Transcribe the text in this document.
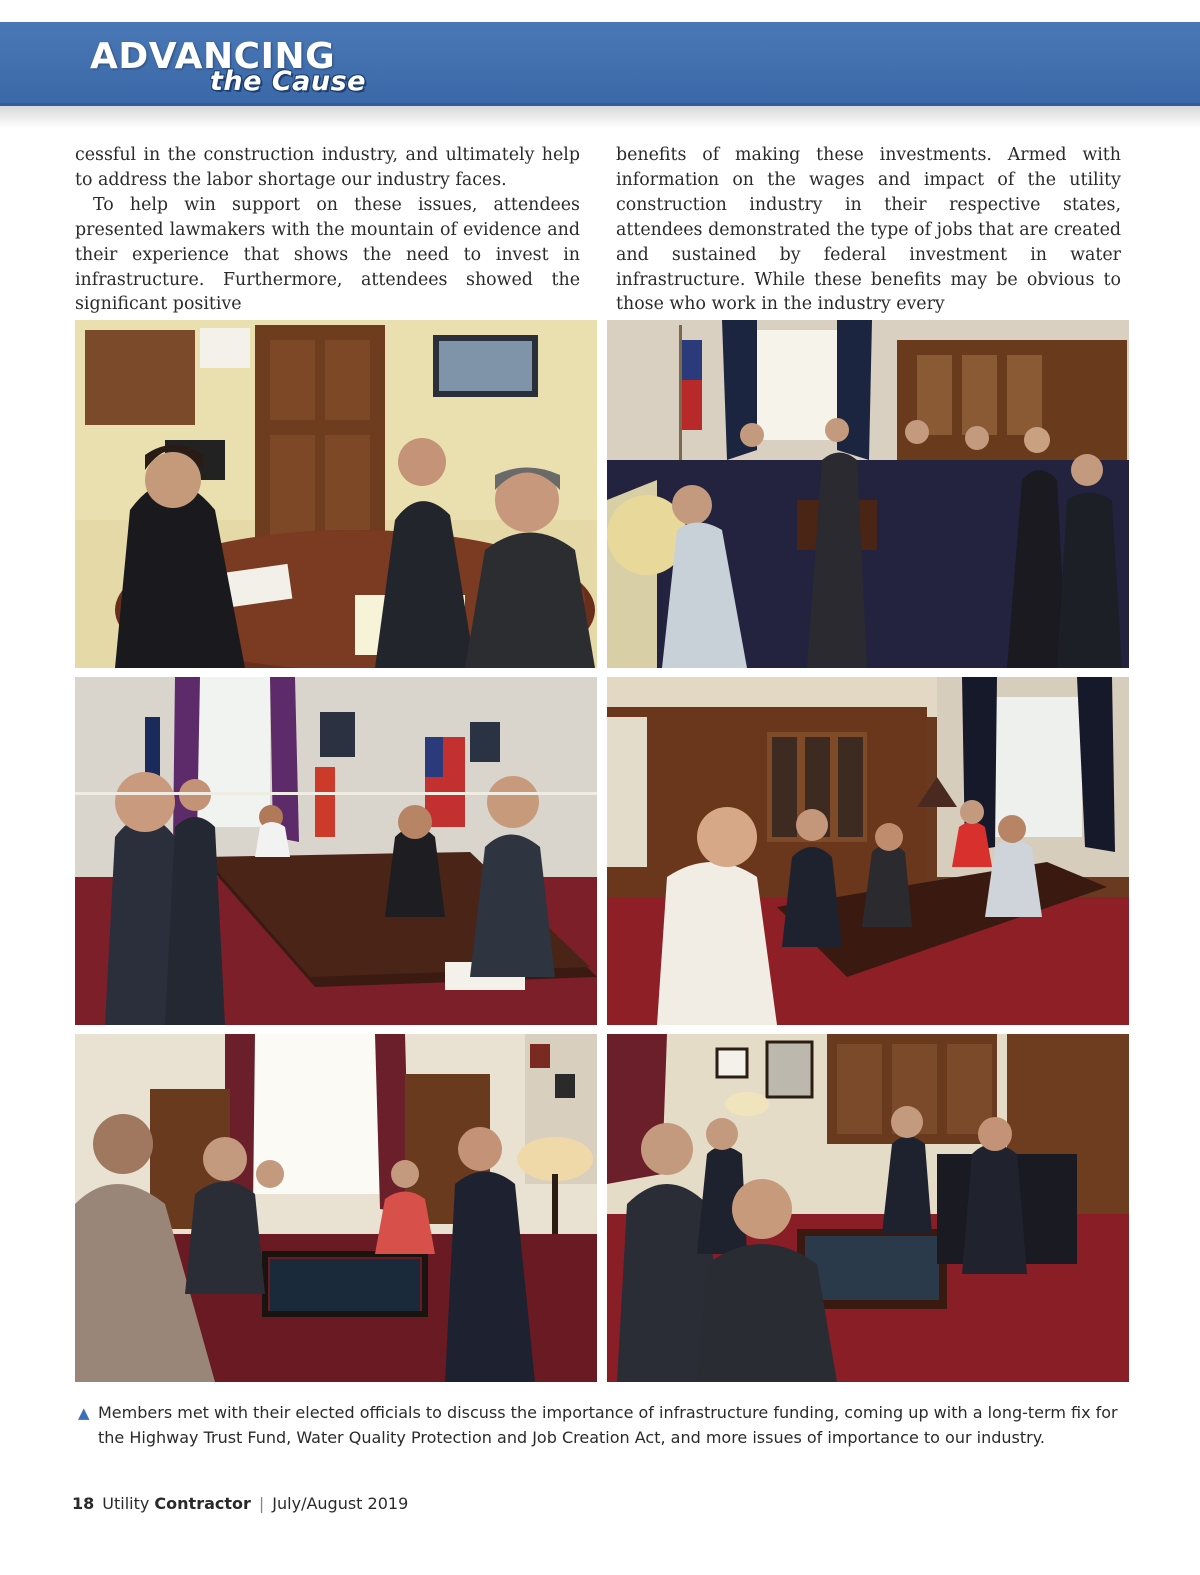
ADVANCING
the Cause

cessful in the construction industry, and ultimately help to address the labor shortage our industry faces.

To help win support on these issues, attendees presented lawmakers with the mountain of evidence and their experience that shows the need to invest in infrastructure. Furthermore, attendees showed the significant positive

benefits of making these investments. Armed with information on the wages and impact of the utility construction industry in their respective states, attendees demonstrated the type of jobs that are created and sustained by federal investment in water infrastructure. While these benefits may be obvious to those who work in the industry every

▲ Members met with their elected officials to discuss the importance of infrastructure funding, coming up with a long-term fix for the Highway Trust Fund, Water Quality Protection and Job Creation Act, and more issues of importance to our industry.
18 Utility Contractor | July/August 2019
